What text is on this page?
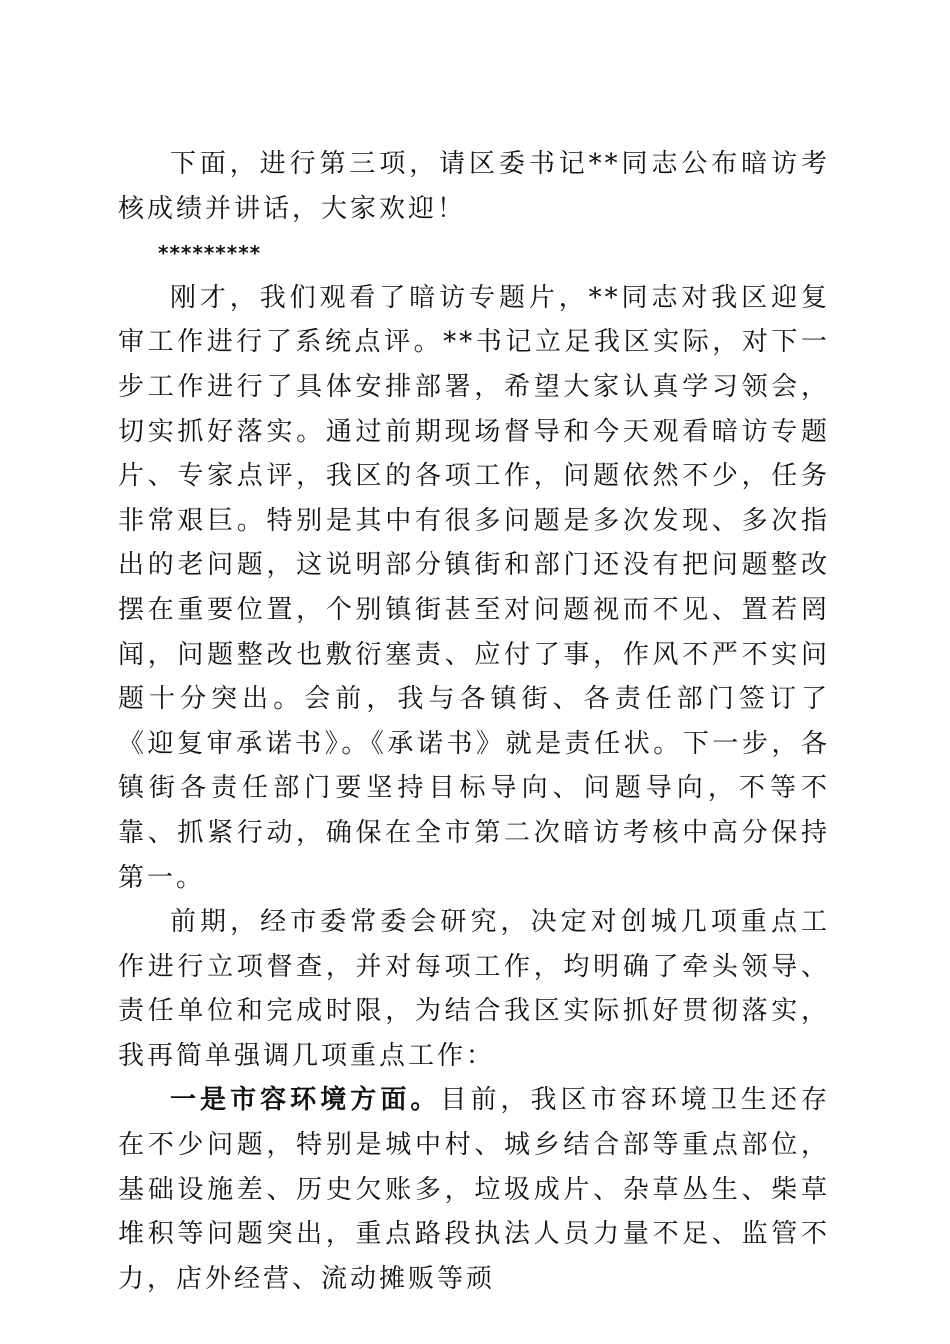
下面，进行第三项，请区委书记**同志公布暗访考核成绩并讲话，大家欢迎！

*********

刚才，我们观看了暗访专题片，**同志对我区迎复审工作进行了系统点评。**书记立足我区实际，对下一步工作进行了具体安排部署，希望大家认真学习领会，切实抓好落实。通过前期现场督导和今天观看暗访专题片、专家点评，我区的各项工作，问题依然不少，任务非常艰巨。特别是其中有很多问题是多次发现、多次指出的老问题，这说明部分镇街和部门还没有把问题整改摆在重要位置，个别镇街甚至对问题视而不见、置若罔闻，问题整改也敷衍塞责、应付了事，作风不严不实问题十分突出。会前，我与各镇街、各责任部门签订了《迎复审承诺书》。《承诺书》就是责任状。下一步，各镇街各责任部门要坚持目标导向、问题导向，不等不靠、抓紧行动，确保在全市第二次暗访考核中高分保持第一。

前期，经市委常委会研究，决定对创城几项重点工作进行立项督查，并对每项工作，均明确了牵头领导、责任单位和完成时限，为结合我区实际抓好贯彻落实，我再简单强调几项重点工作：

一是市容环境方面。目前，我区市容环境卫生还存在不少问题，特别是城中村、城乡结合部等重点部位，基础设施差、历史欠账多，垃圾成片、杂草丛生、柴草堆积等问题突出，重点路段执法人员力量不足、监管不力，店外经营、流动摊贩等顽
